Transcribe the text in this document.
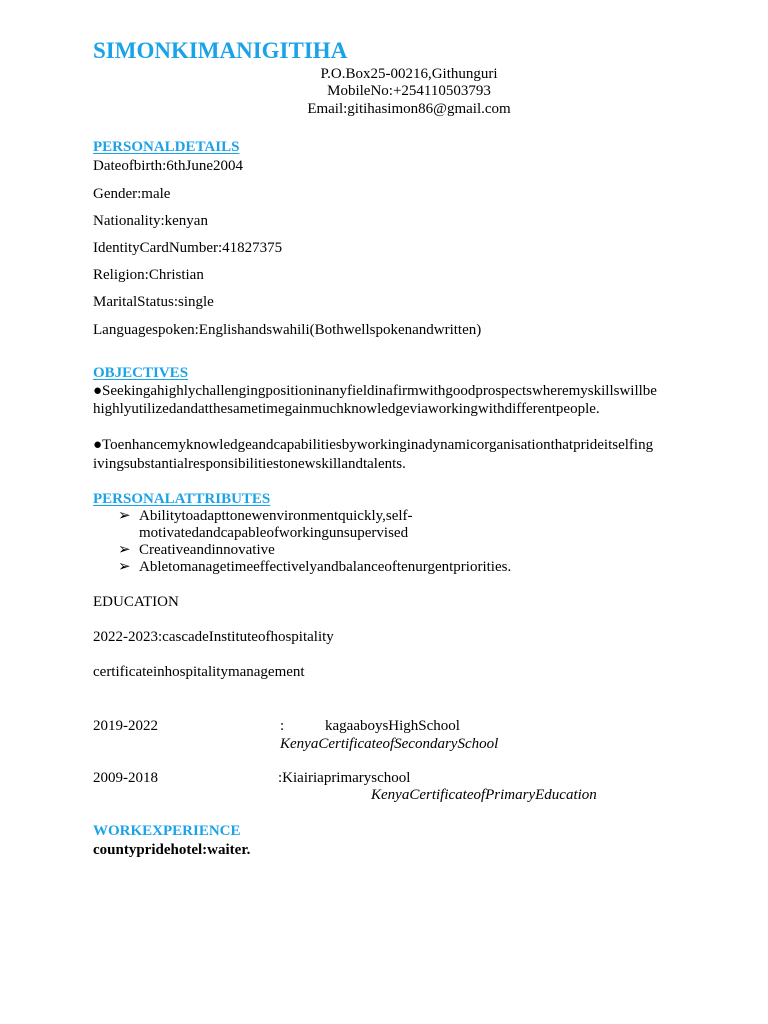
SIMONKIMANIGITIHA
P.O.Box25-00216,Githunguri
MobileNo:+254110503793
Email:gitihasimon86@gmail.com
PERSONALDETAILS
Dateofbirth:6thJune2004
Gender:male
Nationality:kenyan
IdentityCardNumber:41827375
Religion:Christian
MaritalStatus:single
Languagespoken:Englishandswahili(Bothwellspokenandwritten)
OBJECTIVES
●Seekingahighlychallengingpositioninanyfieldinafirmwithgoodprospectswheremyskillswillbe
highlyutilizedandatthesametimegainmuchknowledgeviaworkingwithdifferentpeople.
●Toenhancemyknowledgeandcapabilitiesbyworkinginadynamicorganisationthatprideitselfing
ivingsubstantialresponsibilitiestonewskillandtalents.
PERSONALATTRIBUTES
➢ Abilitytoadapttonewenvironmentquickly,self-
motivatedandcapableofworkingunsupervised
➢ Creativeandinnovative
➢ Abletomanagetimeeffectivelyandbalanceoftenurgentpriorities.
EDUCATION
2022-2023:cascadeInstituteofhospitality
certificateinhospitalitymanagement
2019-2022	:	kagaaboysHighSchool
KenyaCertificateofSecondarySchool
2009-2018	:Kiairiaprimaryschool
KenyaCertificateofPrimaryEducation
WORKEXPERIENCE
countypridehotel:waiter.
